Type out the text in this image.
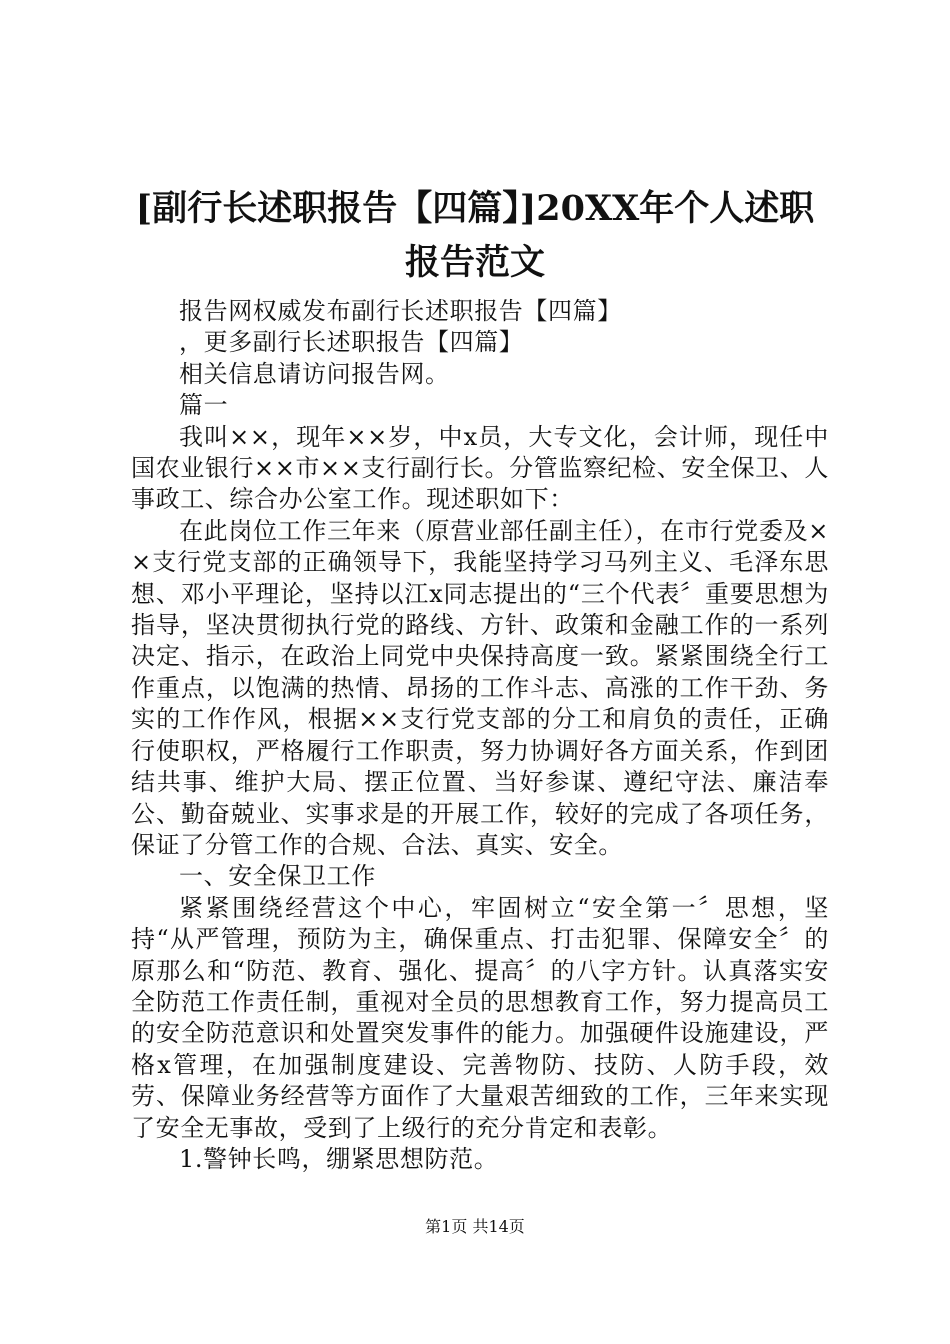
[副行长述职报告【四篇】]20XX年个人述职报告范文

报告网权威发布副行长述职报告【四篇】

，更多副行长述职报告【四篇】

相关信息请访问报告网。

篇一

我叫××，现年××岁，中x员，大专文化，会计师，现任中国农业银行××市××支行副行长。分管监察纪检、安全保卫、人事政工、综合办公室工作。现述职如下：

在此岗位工作三年来（原营业部任副主任），在市行党委及××支行党支部的正确领导下，我能坚持学习马列主义、毛泽东思想、邓小平理论，坚持以江x同志提出的“三个代表〞重要思想为指导，坚决贯彻执行党的路线、方针、政策和金融工作的一系列决定、指示，在政治上同党中央保持高度一致。紧紧围绕全行工作重点，以饱满的热情、昂扬的工作斗志、高涨的工作干劲、务实的工作作风，根据××支行党支部的分工和肩负的责任，正确行使职权，严格履行工作职责，努力协调好各方面关系，作到团结共事、维护大局、摆正位置、当好参谋、遵纪守法、廉洁奉公、勤奋兢业、实事求是的开展工作，较好的完成了各项任务，保证了分管工作的合规、合法、真实、安全。

一、安全保卫工作

紧紧围绕经营这个中心，牢固树立“安全第一〞思想，坚持“从严管理，预防为主，确保重点、打击犯罪、保障安全〞的原那么和“防范、教育、强化、提高〞的八字方针。认真落实安全防范工作责任制，重视对全员的思想教育工作，努力提高员工的安全防范意识和处置突发事件的能力。加强硬件设施建设，严格x管理，在加强制度建设、完善物防、技防、人防手段，效劳、保障业务经营等方面作了大量艰苦细致的工作，三年来实现了安全无事故，受到了上级行的充分肯定和表彰。

1.警钟长鸣，绷紧思想防范。

第1页 共14页
